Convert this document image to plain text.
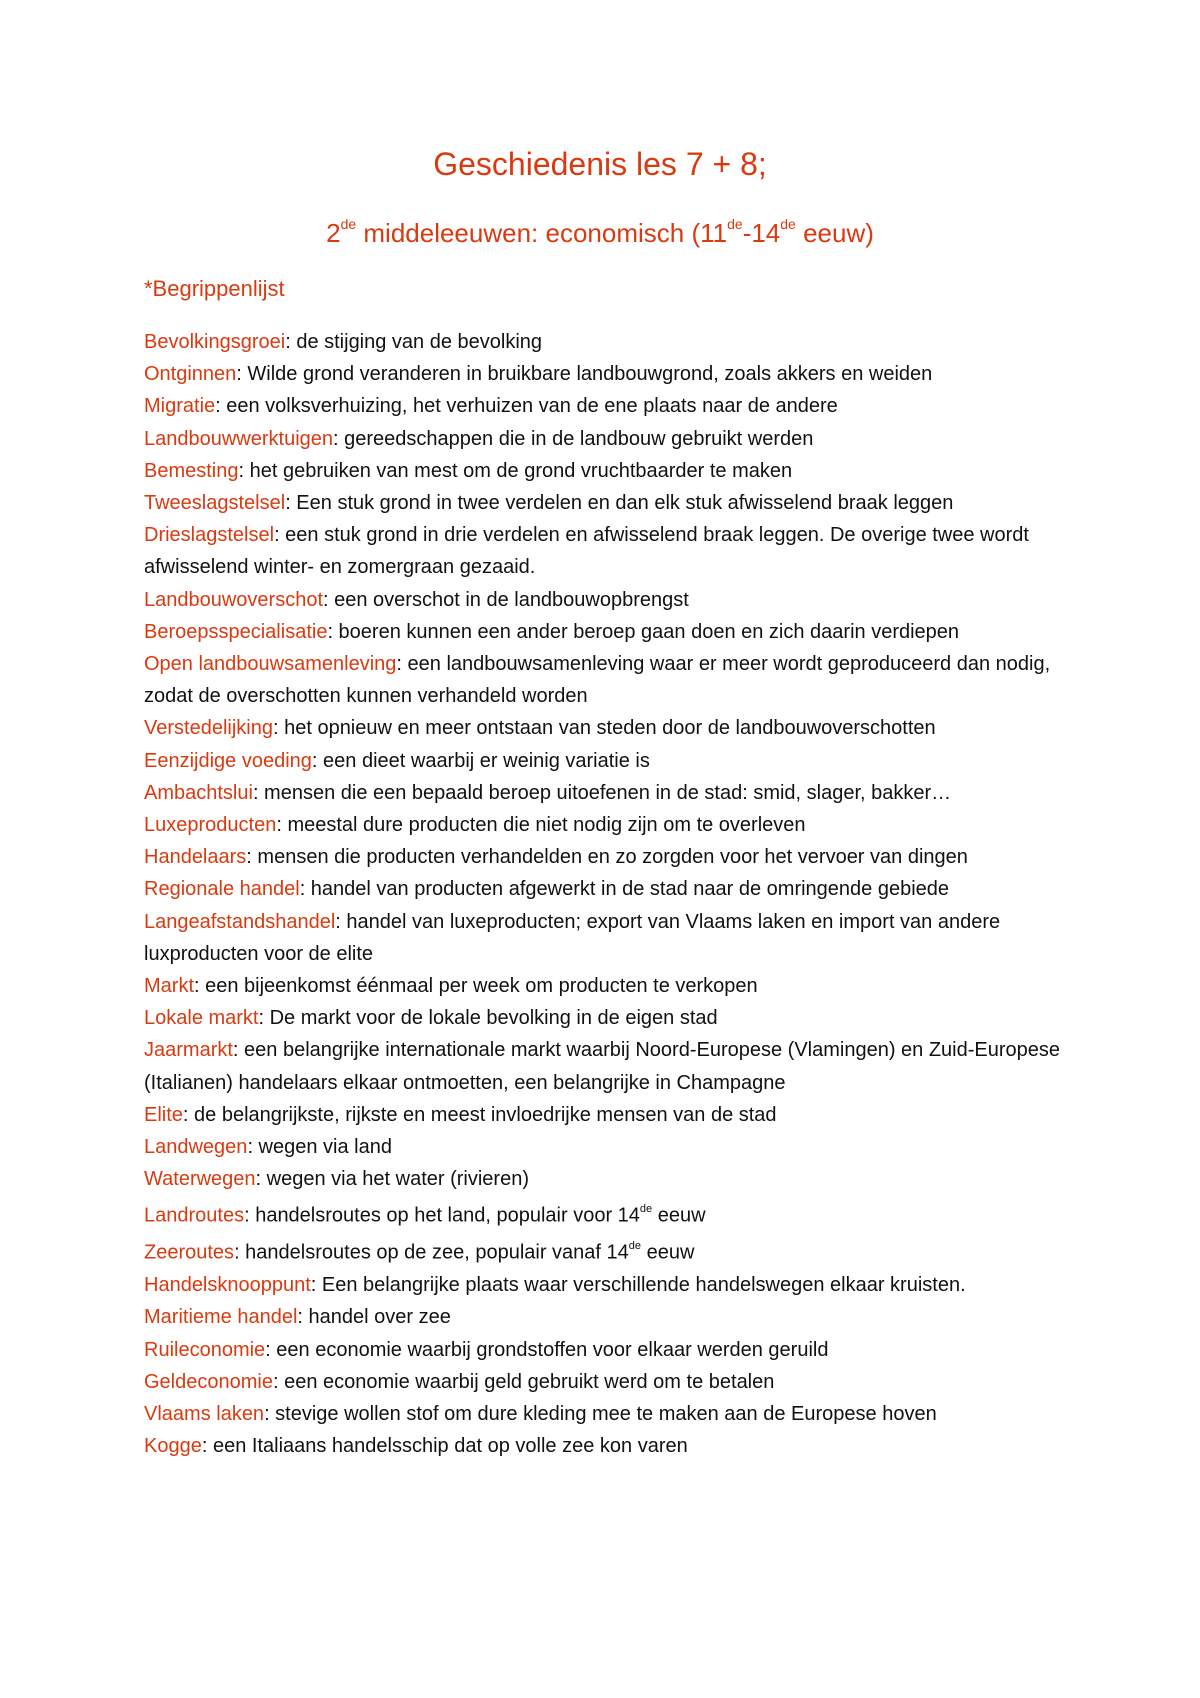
Geschiedenis les 7 + 8;
2de middeleeuwen: economisch (11de-14de eeuw)
*Begrippenlijst
Bevolkingsgroei: de stijging van de bevolking
Ontginnen: Wilde grond veranderen in bruikbare landbouwgrond, zoals akkers en weiden
Migratie: een volksverhuizing, het verhuizen van de ene plaats naar de andere
Landbouwwerktuigen: gereedschappen die in de landbouw gebruikt werden
Bemesting: het gebruiken van mest om de grond vruchtbaarder te maken
Tweeslagstelsel: Een stuk grond in twee verdelen en dan elk stuk afwisselend braak leggen
Drieslagstelsel: een stuk grond in drie verdelen en afwisselend braak leggen. De overige twee wordt afwisselend winter- en zomergraan gezaaid.
Landbouwoverschot: een overschot in de landbouwopbrengst
Beroepsspecialisatie: boeren kunnen een ander beroep gaan doen en zich daarin verdiepen
Open landbouwsamenleving: een landbouwsamenleving waar er meer wordt geproduceerd dan nodig, zodat de overschotten kunnen verhandeld worden
Verstedelijking: het opnieuw en meer ontstaan van steden door de landbouwoverschotten
Eenzijdige voeding: een dieet waarbij er weinig variatie is
Ambachtslui: mensen die een bepaald beroep uitoefenen in de stad: smid, slager, bakker…
Luxeproducten: meestal dure producten die niet nodig zijn om te overleven
Handelaars: mensen die producten verhandelden en zo zorgden voor het vervoer van dingen
Regionale handel: handel van producten afgewerkt in de stad naar de omringende gebiede
Langeafstandshandel: handel van luxeproducten; export van Vlaams laken en import van andere luxproducten voor de elite
Markt: een bijeenkomst éénmaal per week om producten te verkopen
Lokale markt: De markt voor de lokale bevolking in de eigen stad
Jaarmarkt: een belangrijke internationale markt waarbij Noord-Europese (Vlamingen) en Zuid-Europese (Italianen) handelaars elkaar ontmoetten, een belangrijke in Champagne
Elite: de belangrijkste, rijkste en meest invloedrijke mensen van de stad
Landwegen: wegen via land
Waterwegen: wegen via het water (rivieren)
Landroutes: handelsroutes op het land, populair voor 14de eeuw
Zeeroutes: handelsroutes op de zee, populair vanaf 14de eeuw
Handelsknooppunt: Een belangrijke plaats waar verschillende handelswegen elkaar kruisten.
Maritieme handel: handel over zee
Ruileconomie: een economie waarbij grondstoffen voor elkaar werden geruild
Geldeconomie: een economie waarbij geld gebruikt werd om te betalen
Vlaams laken: stevige wollen stof om dure kleding mee te maken aan de Europese hoven
Kogge: een Italiaans handelsschip dat op volle zee kon varen
